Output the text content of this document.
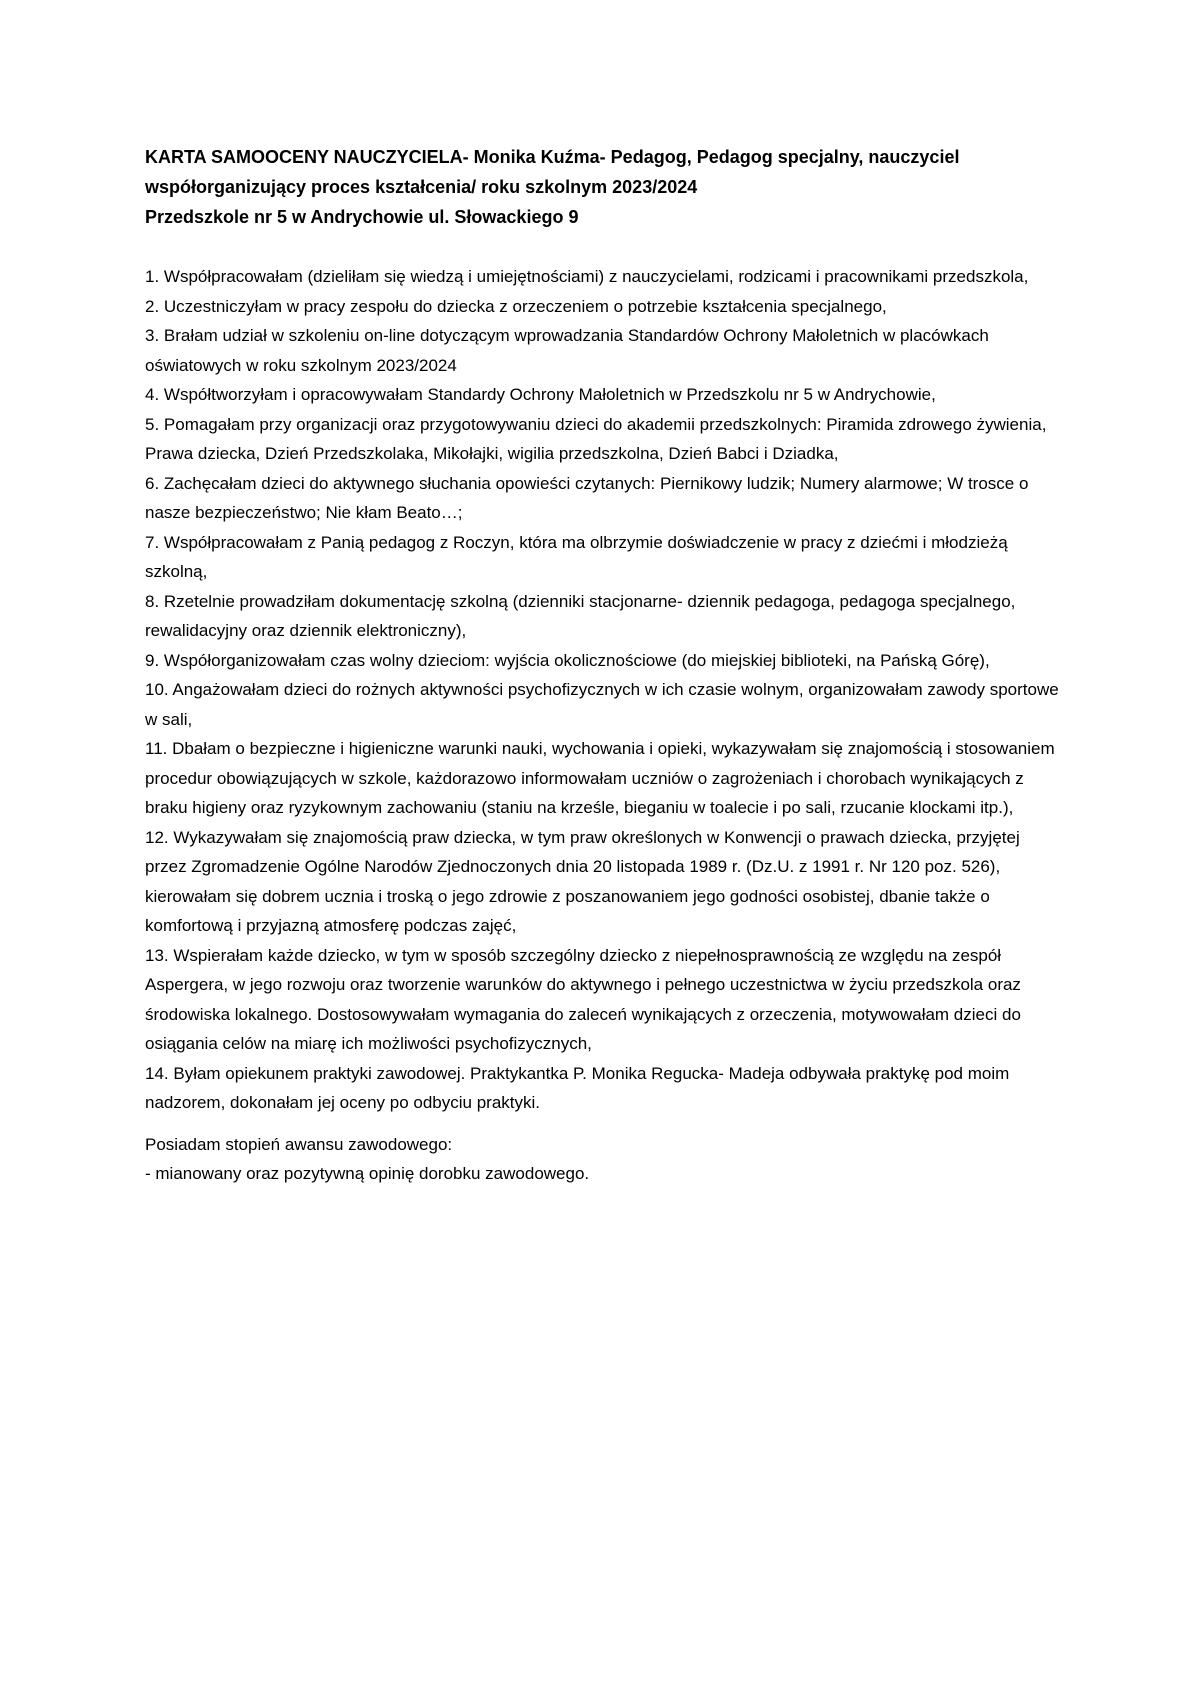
KARTA SAMOOCENY NAUCZYCIELA- Monika Kuźma- Pedagog, Pedagog specjalny, nauczyciel
współorganizujący proces kształcenia/ roku szkolnym 2023/2024
Przedszkole nr 5 w Andrychowie ul. Słowackiego 9

1. Współpracowałam (dzieliłam się wiedzą i umiejętnościami) z nauczycielami, rodzicami i pracownikami przedszkola,

2. Uczestniczyłam w pracy zespołu do dziecka z orzeczeniem o potrzebie kształcenia specjalnego,

3. Brałam udział w szkoleniu on-line dotyczącym wprowadzania Standardów Ochrony Małoletnich w placówkach oświatowych w roku szkolnym 2023/2024

4. Współtworzyłam i opracowywałam Standardy Ochrony Małoletnich w Przedszkolu nr 5 w Andrychowie,

5. Pomagałam przy organizacji oraz przygotowywaniu dzieci do akademii przedszkolnych: Piramida zdrowego żywienia, Prawa dziecka, Dzień Przedszkolaka, Mikołajki, wigilia przedszkolna, Dzień Babci i Dziadka,

6. Zachęcałam dzieci do aktywnego słuchania opowieści czytanych: Piernikowy ludzik; Numery alarmowe; W trosce o nasze bezpieczeństwo; Nie kłam Beato…;

7. Współpracowałam z Panią pedagog z Roczyn, która ma olbrzymie doświadczenie w pracy z dziećmi i młodzieżą szkolną,

8. Rzetelnie prowadziłam dokumentację szkolną (dzienniki stacjonarne- dziennik pedagoga, pedagoga specjalnego, rewalidacyjny oraz dziennik elektroniczny),

9. Współorganizowałam czas wolny dzieciom: wyjścia okolicznościowe (do miejskiej biblioteki, na Pańską Górę),

10. Angażowałam dzieci do rożnych aktywności psychofizycznych w ich czasie wolnym, organizowałam zawody sportowe w sali,

11. Dbałam o bezpieczne i higieniczne warunki nauki, wychowania i opieki, wykazywałam się znajomością i stosowaniem procedur obowiązujących w szkole, każdorazowo informowałam uczniów o zagrożeniach i chorobach wynikających z braku higieny oraz ryzykownym zachowaniu (staniu na krześle, bieganiu w toalecie i po sali, rzucanie klockami itp.),

12. Wykazywałam się znajomością praw dziecka, w tym praw określonych w Konwencji o prawach dziecka, przyjętej przez Zgromadzenie Ogólne Narodów Zjednoczonych dnia 20 listopada 1989 r. (Dz.U. z 1991 r. Nr 120 poz. 526), kierowałam się dobrem ucznia i troską o jego zdrowie z poszanowaniem jego godności osobistej, dbanie także o komfortową i przyjazną atmosferę podczas zajęć,

13. Wspierałam każde dziecko, w tym w sposób szczególny dziecko z niepełnosprawnością ze względu na zespół Aspergera, w jego rozwoju oraz tworzenie warunków do aktywnego i pełnego uczestnictwa w życiu przedszkola oraz środowiska lokalnego. Dostosowywałam wymagania do zaleceń wynikających z orzeczenia, motywowałam dzieci do osiągania celów na miarę ich możliwości psychofizycznych,

14. Byłam opiekunem praktyki zawodowej. Praktykantka P. Monika Regucka- Madeja odbywała praktykę pod moim nadzorem, dokonałam jej oceny po odbyciu praktyki.

Posiadam stopień awansu zawodowego:

- mianowany oraz pozytywną opinię dorobku zawodowego.
